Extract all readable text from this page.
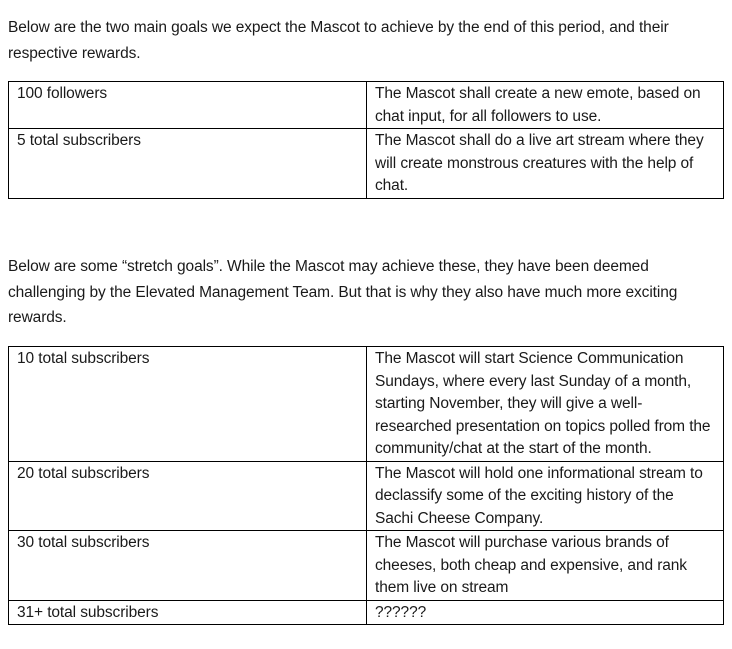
Below are the two main goals we expect the Mascot to achieve by the end of this period, and their respective rewards.

100 followers	The Mascot shall create a new emote, based on chat input, for all followers to use.
5 total subscribers	The Mascot shall do a live art stream where they will create monstrous creatures with the help of chat.

Below are some “stretch goals”. While the Mascot may achieve these, they have been deemed challenging by the Elevated Management Team. But that is why they also have much more exciting rewards.

10 total subscribers	The Mascot will start Science Communication Sundays, where every last Sunday of a month, starting November, they will give a well-researched presentation on topics polled from the community/chat at the start of the month.
20 total subscribers	The Mascot will hold one informational stream to declassify some of the exciting history of the Sachi Cheese Company.
30 total subscribers	The Mascot will purchase various brands of cheeses, both cheap and expensive, and rank them live on stream
31+ total subscribers	??????
